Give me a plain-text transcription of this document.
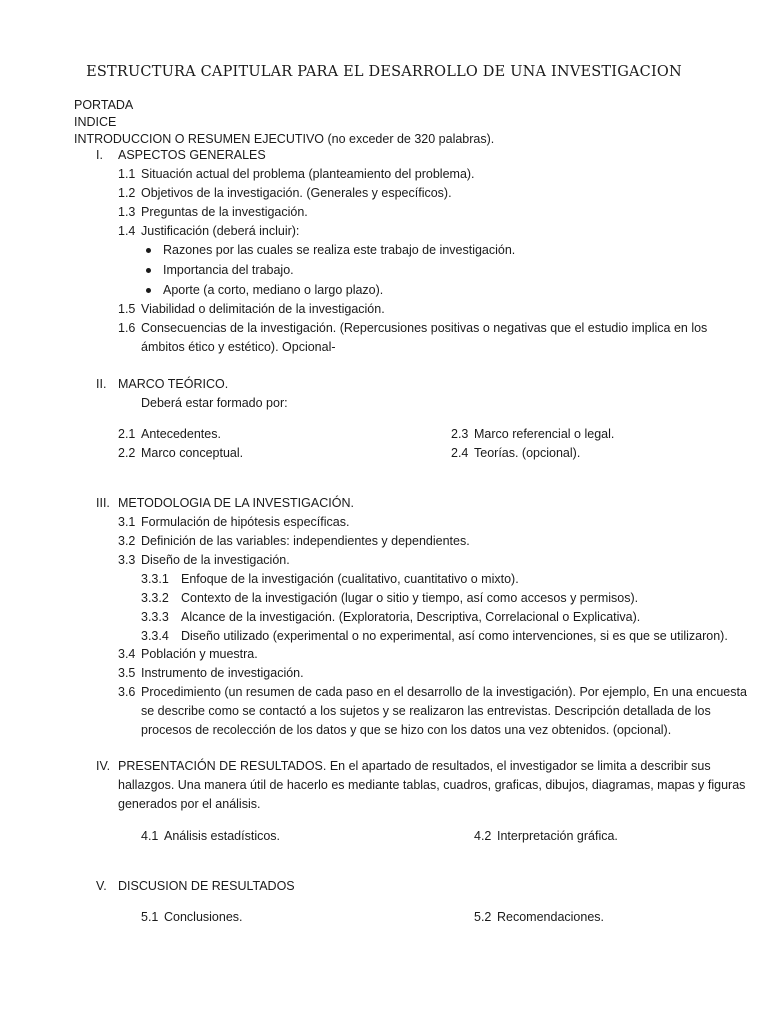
ESTRUCTURA CAPITULAR PARA EL DESARROLLO DE UNA INVESTIGACION
PORTADA
INDICE
INTRODUCCION O RESUMEN EJECUTIVO (no exceder de 320 palabras).
I. ASPECTOS GENERALES
1.1 Situación actual del problema (planteamiento del problema).
1.2 Objetivos de la investigación. (Generales y específicos).
1.3 Preguntas de la investigación.
1.4 Justificación (deberá incluir):
Razones por las cuales se realiza este trabajo de investigación.
Importancia del trabajo.
Aporte (a corto, mediano o largo plazo).
1.5 Viabilidad o delimitación de la investigación.
1.6 Consecuencias de la investigación. (Repercusiones positivas o negativas que el estudio implica en los
ámbitos ético y estético). Opcional-
II. MARCO TEÓRICO.
Deberá estar formado por:
2.1 Antecedentes.
2.2 Marco conceptual.
2.3 Marco referencial o legal.
2.4 Teorías. (opcional).
III. METODOLOGIA DE LA INVESTIGACIÓN.
3.1 Formulación de hipótesis específicas.
3.2 Definición de las variables: independientes y dependientes.
3.3 Diseño de la investigación.
3.3.1 Enfoque de la investigación (cualitativo, cuantitativo o mixto).
3.3.2 Contexto de la investigación (lugar o sitio y tiempo, así como accesos y permisos).
3.3.3 Alcance de la investigación. (Exploratoria, Descriptiva, Correlacional o Explicativa).
3.3.4 Diseño utilizado (experimental o no experimental, así como intervenciones, si es que se utilizaron).
3.4 Población y muestra.
3.5 Instrumento de investigación.
3.6 Procedimiento (un resumen de cada paso en el desarrollo de la investigación). Por ejemplo, En una encuesta
se describe como se contactó a los sujetos y se realizaron las entrevistas. Descripción detallada de los
procesos de recolección de los datos y que se hizo con los datos una vez obtenidos. (opcional).
IV. PRESENTACIÓN DE RESULTADOS. En el apartado de resultados, el investigador se limita a describir sus
hallazgos. Una manera útil de hacerlo es mediante tablas, cuadros, graficas, dibujos, diagramas, mapas y figuras
generados por el análisis.
4.1 Análisis estadísticos.	4.2 Interpretación gráfica.
V. DISCUSION DE RESULTADOS
5.1 Conclusiones.	5.2 Recomendaciones.
